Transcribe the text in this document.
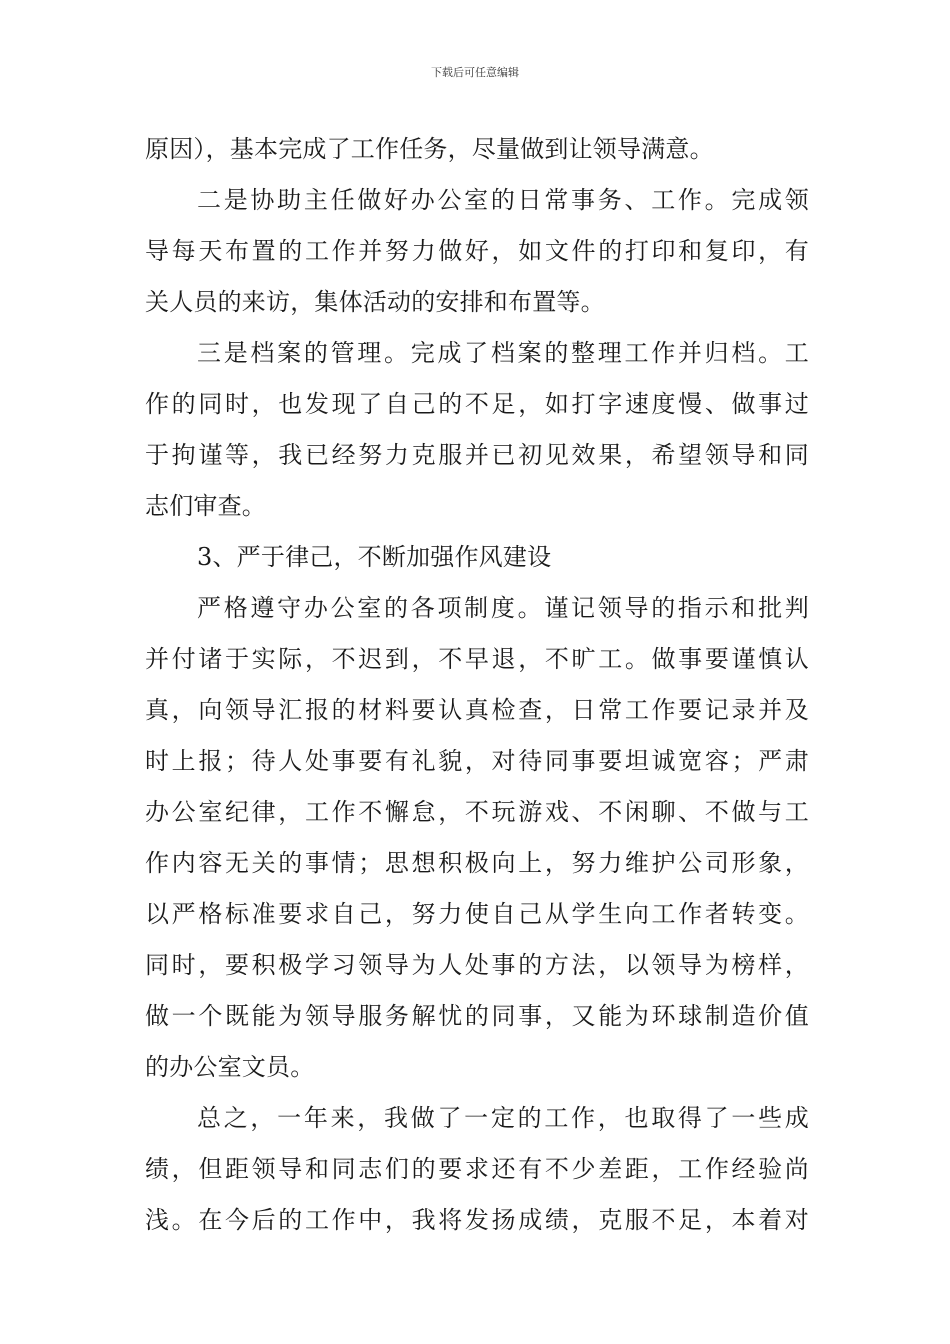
下载后可任意编辑
原因），基本完成了工作任务，尽量做到让领导满意。
二是协助主任做好办公室的日常事务、工作。完成领
导每天布置的工作并努力做好，如文件的打印和复印，有
关人员的来访，集体活动的安排和布置等。
三是档案的管理。完成了档案的整理工作并归档。工
作的同时，也发现了自己的不足，如打字速度慢、做事过
于拘谨等，我已经努力克服并已初见效果，希望领导和同
志们审查。
3、严于律己，不断加强作风建设
严格遵守办公室的各项制度。谨记领导的指示和批判
并付诸于实际，不迟到，不早退，不旷工。做事要谨慎认
真，向领导汇报的材料要认真检查，日常工作要记录并及
时上报；待人处事要有礼貌，对待同事要坦诚宽容；严肃
办公室纪律，工作不懈怠，不玩游戏、不闲聊、不做与工
作内容无关的事情；思想积极向上，努力维护公司形象，
以严格标准要求自己，努力使自己从学生向工作者转变。
同时，要积极学习领导为人处事的方法，以领导为榜样，
做一个既能为领导服务解忧的同事，又能为环球制造价值
的办公室文员。
总之，一年来，我做了一定的工作，也取得了一些成
绩，但距领导和同志们的要求还有不少差距，工作经验尚
浅。在今后的工作中，我将发扬成绩，克服不足，本着对
